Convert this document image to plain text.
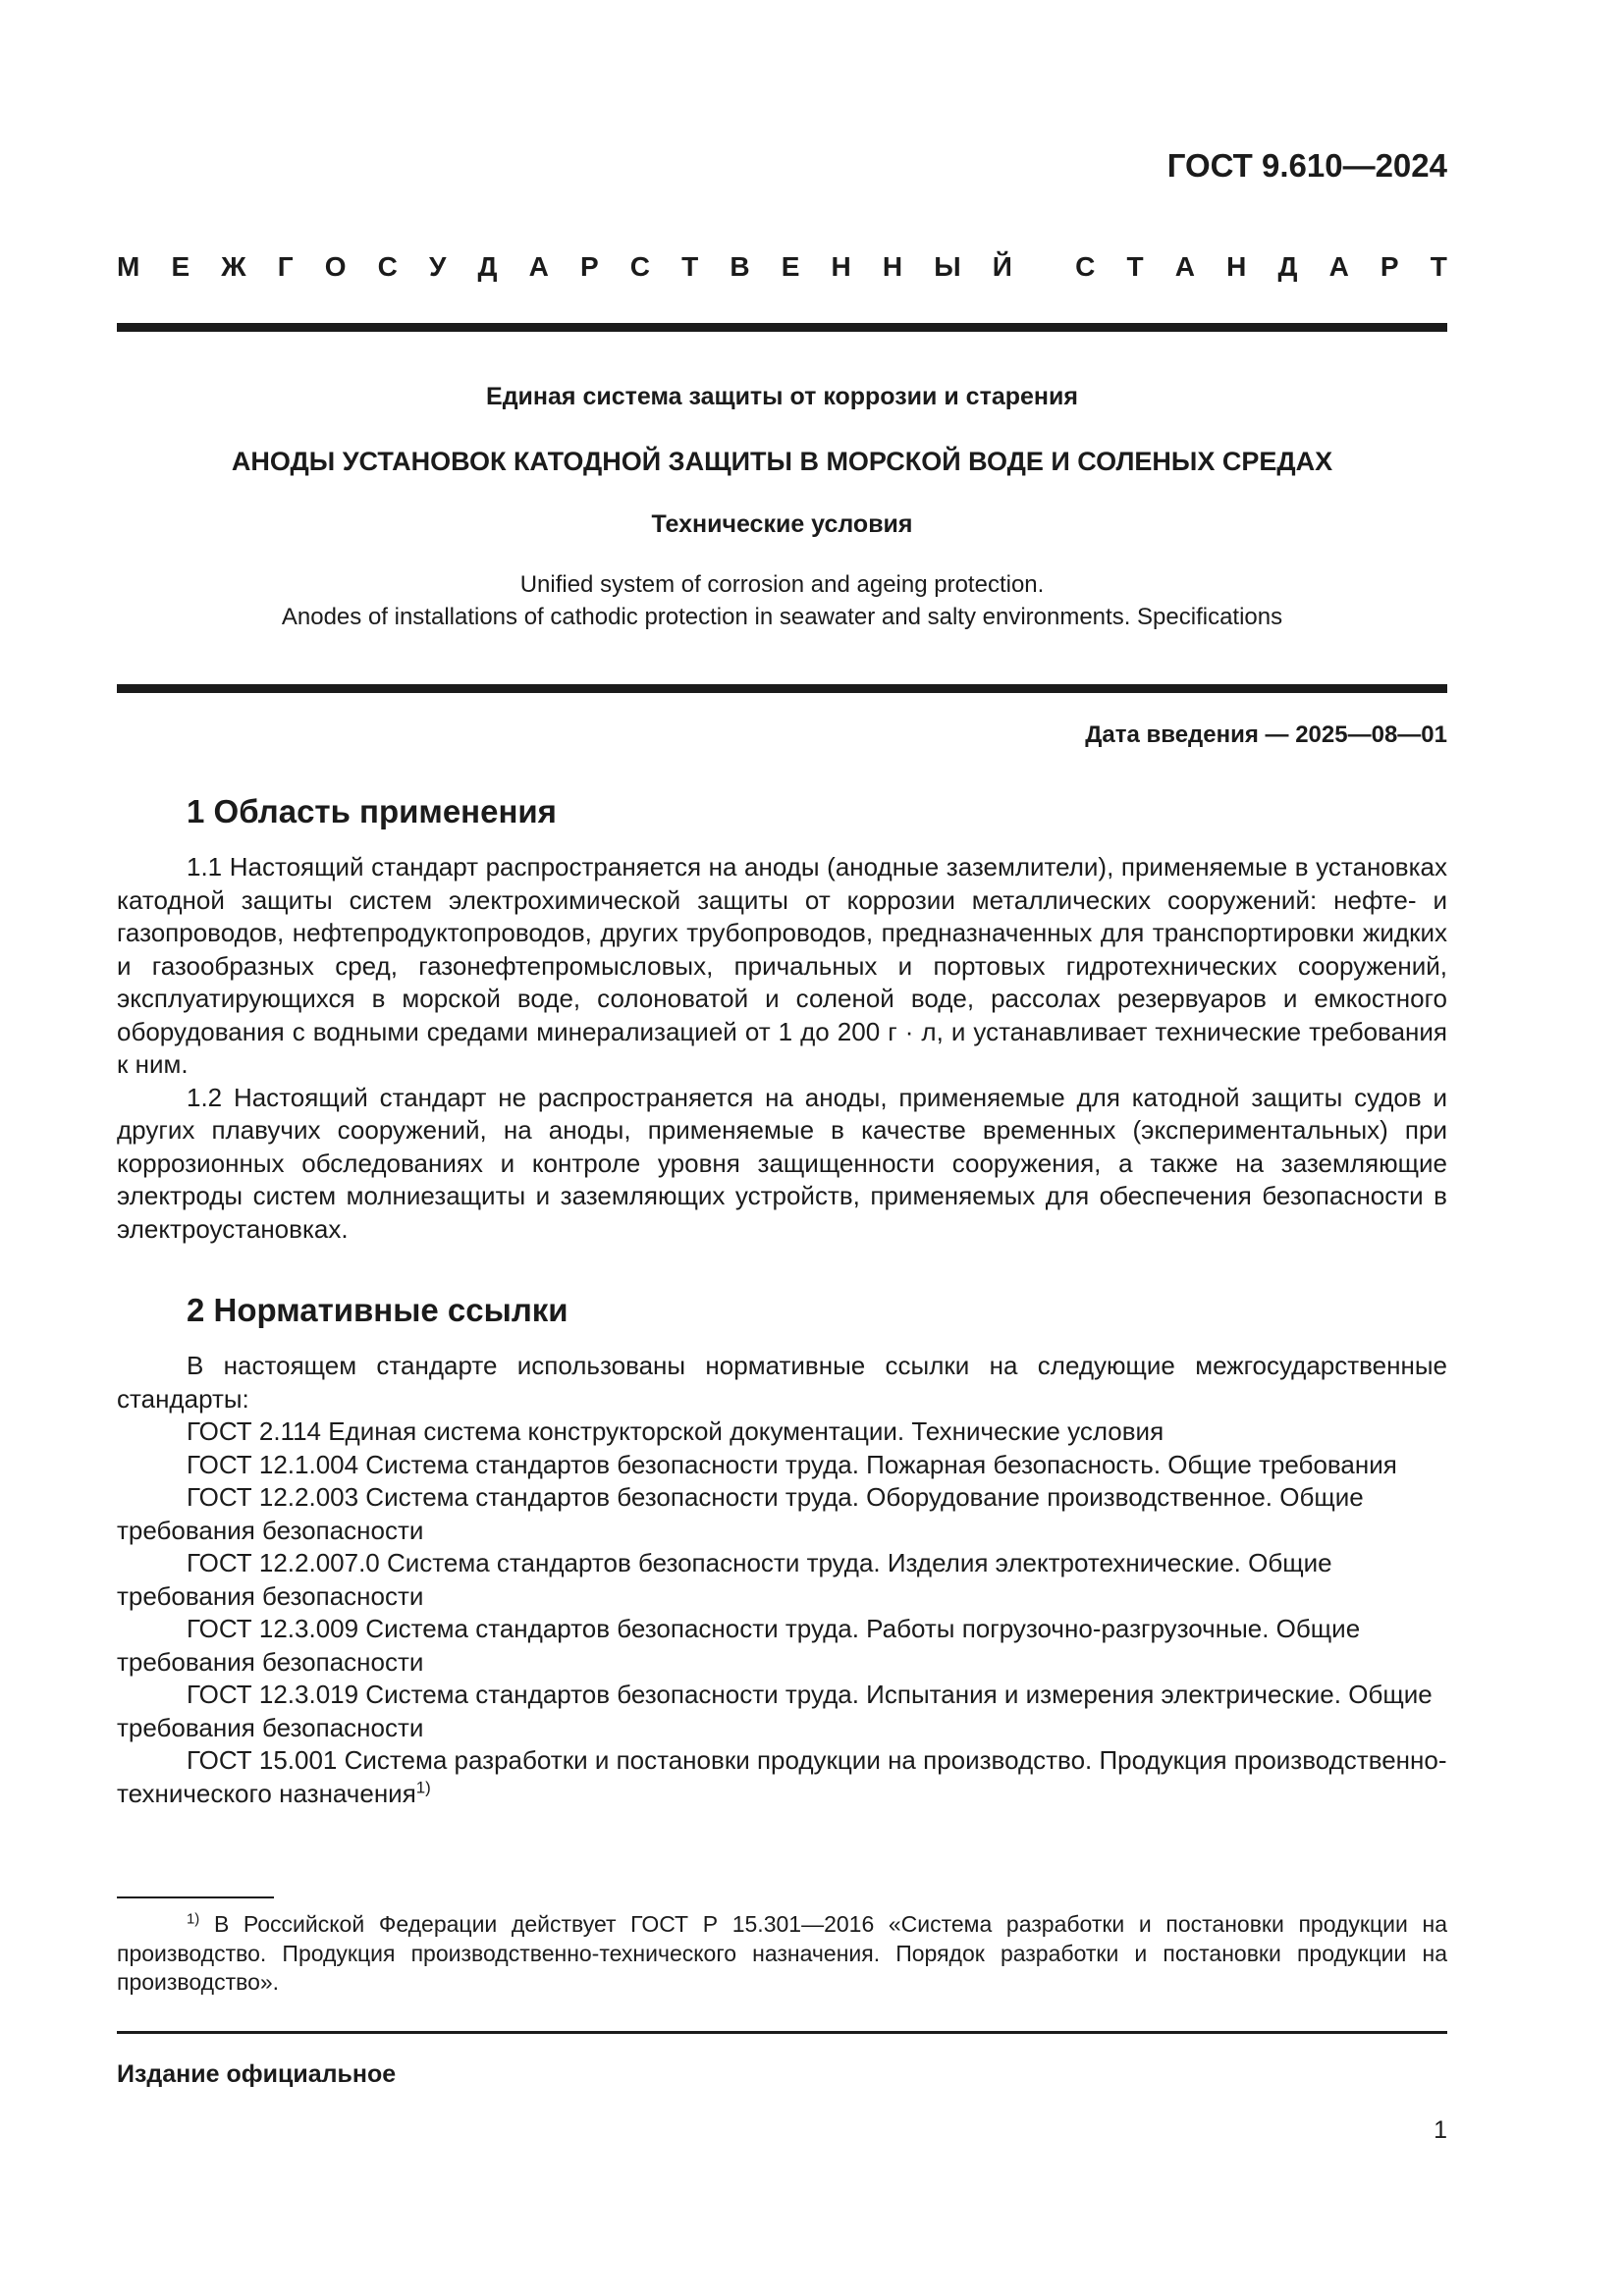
ГОСТ 9.610—2024
М Е Ж Г О С У Д А Р С Т В Е Н Н Ы Й С Т А Н Д А Р Т
Единая система защиты от коррозии и старения
АНОДЫ УСТАНОВОК КАТОДНОЙ ЗАЩИТЫ В МОРСКОЙ ВОДЕ И СОЛЕНЫХ СРЕДАХ
Технические условия
Unified system of corrosion and ageing protection.
Anodes of installations of cathodic protection in seawater and salty environments. Specifications
Дата введения — 2025—08—01
1 Область применения

1.1 Настоящий стандарт распространяется на аноды (анодные заземлители), применяемые в установках катодной защиты систем электрохимической защиты от коррозии металлических сооружений: нефте- и газопроводов, нефтепродуктопроводов, других трубопроводов, предназначенных для транспортировки жидких и газообразных сред, газонефтепромысловых, причальных и портовых гидротехнических сооружений, эксплуатирующихся в морской воде, солоноватой и соленой воде, рассолах резервуаров и емкостного оборудования с водными средами минерализацией от 1 до 200 г · л, и устанавливает технические требования к ним.

1.2 Настоящий стандарт не распространяется на аноды, применяемые для катодной защиты судов и других плавучих сооружений, на аноды, применяемые в качестве временных (экспериментальных) при коррозионных обследованиях и контроле уровня защищенности сооружения, а также на заземляющие электроды систем молниезащиты и заземляющих устройств, применяемых для обеспечения безопасности в электроустановках.

2 Нормативные ссылки

В настоящем стандарте использованы нормативные ссылки на следующие межгосударственные стандарты:

ГОСТ 2.114 Единая система конструкторской документации. Технические условия

ГОСТ 12.1.004 Система стандартов безопасности труда. Пожарная безопасность. Общие требования

ГОСТ 12.2.003 Система стандартов безопасности труда. Оборудование производственное. Общие требования безопасности

ГОСТ 12.2.007.0 Система стандартов безопасности труда. Изделия электротехнические. Общие требования безопасности

ГОСТ 12.3.009 Система стандартов безопасности труда. Работы погрузочно-разгрузочные. Общие требования безопасности

ГОСТ 12.3.019 Система стандартов безопасности труда. Испытания и измерения электрические. Общие требования безопасности

ГОСТ 15.001 Система разработки и постановки продукции на производство. Продукция производственно-технического назначения$^{1)}$

$^{1)}$ В Российской Федерации действует ГОСТ Р 15.301—2016 «Система разработки и постановки продукции на производство. Продукция производственно-технического назначения. Порядок разработки и постановки продукции на производство».
Издание официальное
1
